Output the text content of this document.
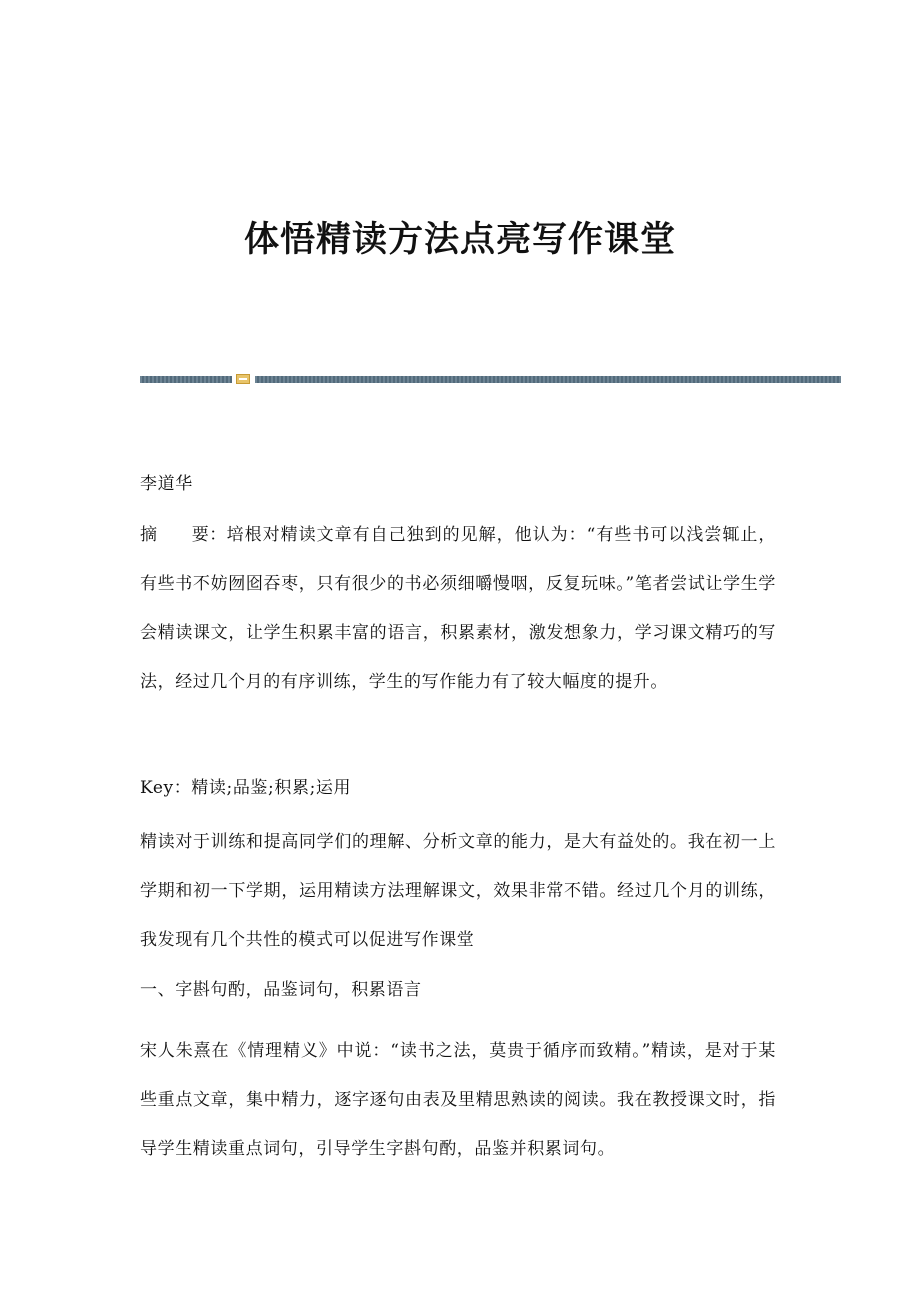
体悟精读方法点亮写作课堂

李道华

摘 要：培根对精读文章有自己独到的见解，他认为：“有些书可以浅尝辄止，有些书不妨囫囵吞枣，只有很少的书必须细嚼慢咽，反复玩味。”笔者尝试让学生学会精读课文，让学生积累丰富的语言，积累素材，激发想象力，学习课文精巧的写法，经过几个月的有序训练，学生的写作能力有了较大幅度的提升。

Key：精读;品鉴;积累;运用

精读对于训练和提高同学们的理解、分析文章的能力，是大有益处的。我在初一上学期和初一下学期，运用精读方法理解课文，效果非常不错。经过几个月的训练，我发现有几个共性的模式可以促进写作课堂

一、字斟句酌，品鉴词句，积累语言

宋人朱熹在《情理精义》中说：“读书之法，莫贵于循序而致精。”精读，是对于某些重点文章，集中精力，逐字逐句由表及里精思熟读的阅读。我在教授课文时，指导学生精读重点词句，引导学生字斟句酌，品鉴并积累词句。
